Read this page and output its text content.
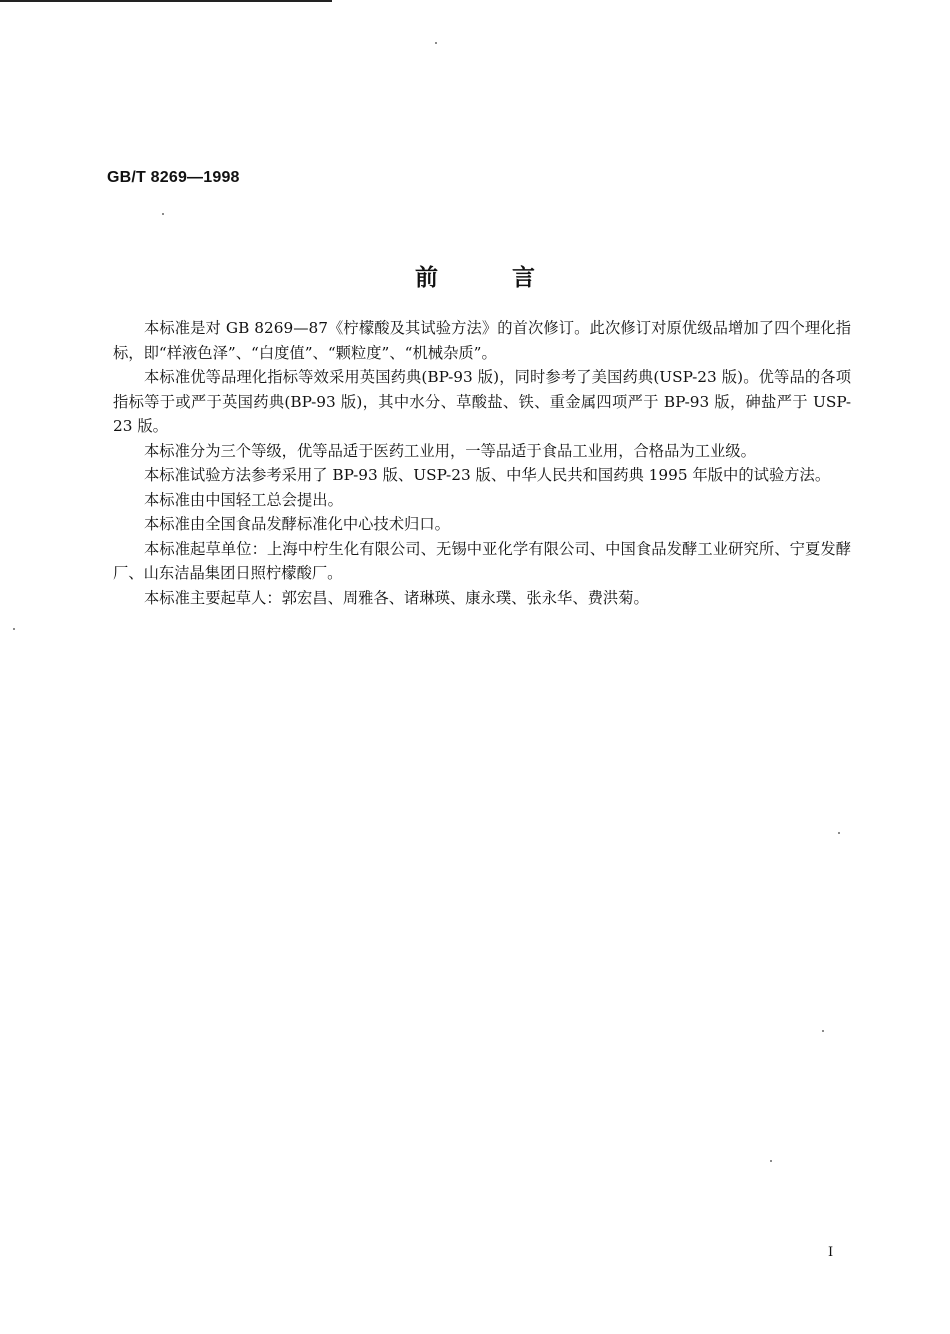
GB/T 8269—1998
前言

本标准是对 GB 8269—87《柠檬酸及其试验方法》的首次修订。此次修订对原优级品增加了四个理化指标，即“样液色泽”、“白度值”、“颗粒度”、“机械杂质”。

本标准优等品理化指标等效采用英国药典(BP-93 版)，同时参考了美国药典(USP-23 版)。优等品的各项指标等于或严于英国药典(BP-93 版)，其中水分、草酸盐、铁、重金属四项严于 BP-93 版，砷盐严于 USP-23 版。

本标准分为三个等级，优等品适于医药工业用，一等品适于食品工业用，合格品为工业级。

本标准试验方法参考采用了 BP-93 版、USP-23 版、中华人民共和国药典 1995 年版中的试验方法。

本标准由中国轻工总会提出。

本标准由全国食品发酵标准化中心技术归口。

本标准起草单位：上海中柠生化有限公司、无锡中亚化学有限公司、中国食品发酵工业研究所、宁夏发酵厂、山东洁晶集团日照柠檬酸厂。

本标准主要起草人：郭宏昌、周雅各、诸琳瑛、康永璞、张永华、费洪菊。

I
